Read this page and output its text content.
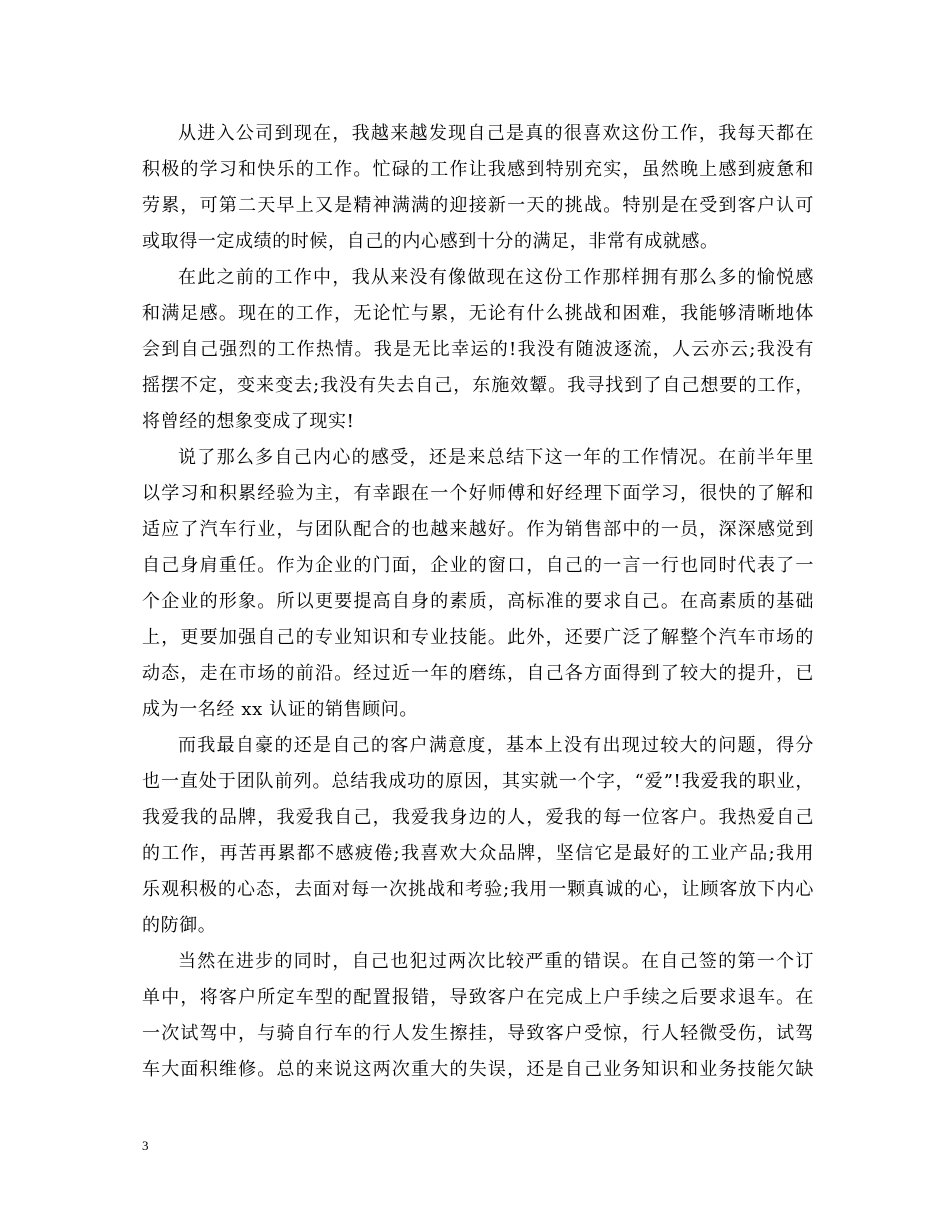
从进入公司到现在，我越来越发现自己是真的很喜欢这份工作，我每天都在
积极的学习和快乐的工作。忙碌的工作让我感到特别充实，虽然晚上感到疲惫和
劳累，可第二天早上又是精神满满的迎接新一天的挑战。特别是在受到客户认可
或取得一定成绩的时候，自己的内心感到十分的满足，非常有成就感。
在此之前的工作中，我从来没有像做现在这份工作那样拥有那么多的愉悦感
和满足感。现在的工作，无论忙与累，无论有什么挑战和困难，我能够清晰地体
会到自己强烈的工作热情。我是无比幸运的!我没有随波逐流，人云亦云;我没有
摇摆不定，变来变去;我没有失去自己，东施效颦。我寻找到了自己想要的工作，
将曾经的想象变成了现实!
说了那么多自己内心的感受，还是来总结下这一年的工作情况。在前半年里
以学习和积累经验为主，有幸跟在一个好师傅和好经理下面学习，很快的了解和
适应了汽车行业，与团队配合的也越来越好。作为销售部中的一员，深深感觉到
自己身肩重任。作为企业的门面，企业的窗口，自己的一言一行也同时代表了一
个企业的形象。所以更要提高自身的素质，高标准的要求自己。在高素质的基础
上，更要加强自己的专业知识和专业技能。此外，还要广泛了解整个汽车市场的
动态，走在市场的前沿。经过近一年的磨练，自己各方面得到了较大的提升，已
成为一名经 xx 认证的销售顾问。
而我最自豪的还是自己的客户满意度，基本上没有出现过较大的问题，得分
也一直处于团队前列。总结我成功的原因，其实就一个字，“爱”!我爱我的职业，
我爱我的品牌，我爱我自己，我爱我身边的人，爱我的每一位客户。我热爱自己
的工作，再苦再累都不感疲倦;我喜欢大众品牌，坚信它是最好的工业产品;我用
乐观积极的心态，去面对每一次挑战和考验;我用一颗真诚的心，让顾客放下内心
的防御。
当然在进步的同时，自己也犯过两次比较严重的错误。在自己签的第一个订
单中，将客户所定车型的配置报错，导致客户在完成上户手续之后要求退车。在
一次试驾中，与骑自行车的行人发生擦挂，导致客户受惊，行人轻微受伤，试驾
车大面积维修。总的来说这两次重大的失误，还是自己业务知识和业务技能欠缺
3
